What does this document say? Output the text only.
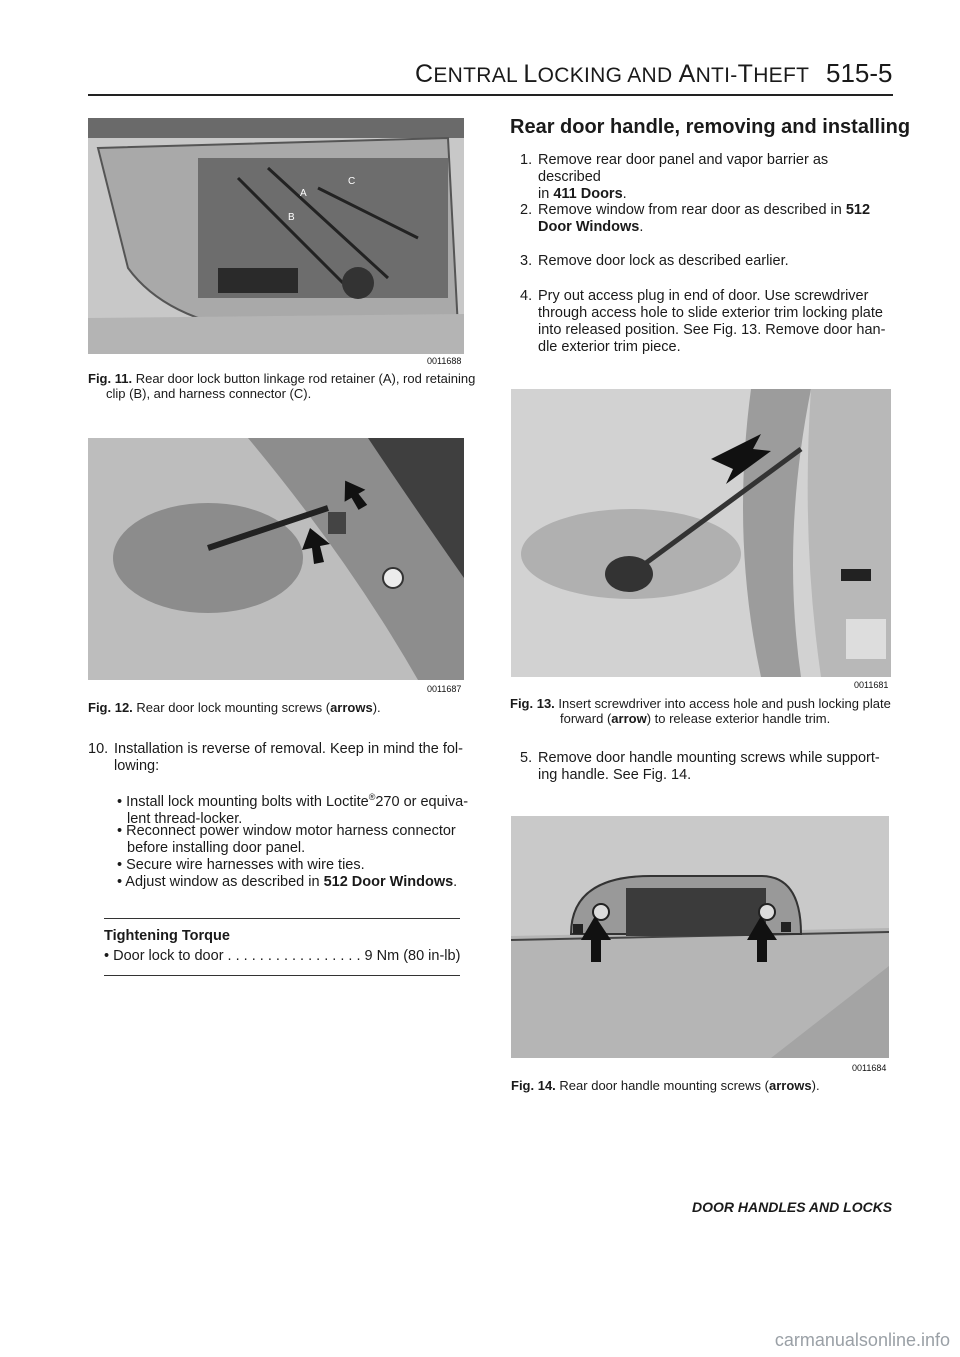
CENTRAL LOCKING AND ANTI-THEFT 515-5
A
B
C
0011688
Fig. 11. Rear door lock button linkage rod retainer (A), rod retaining
clip (B), and harness connector (C).
0011687
Fig. 12. Rear door lock mounting screws (arrows).
10. Installation is reverse of removal. Keep in mind the fol-
lowing:
• Install lock mounting bolts with Loctite®270 or equiva-
lent thread-locker.
• Reconnect power window motor harness connector
before installing door panel.
• Secure wire harnesses with wire ties.
• Adjust window as described in 512 Door Windows.
Tightening Torque
• Door lock to door . . . . . . . . . . . . . . . . . 9 Nm (80 in-lb)
Rear door handle, removing and installing
1. Remove rear door panel and vapor barrier as described
in 411 Doors.
2. Remove window from rear door as described in 512
Door Windows.
3. Remove door lock as described earlier.
4. Pry out access plug in end of door. Use screwdriver
through access hole to slide exterior trim locking plate
into released position. See Fig. 13. Remove door han-
dle exterior trim piece.
0011681
Fig. 13. Insert screwdriver into access hole and push locking plate
forward (arrow) to release exterior handle trim.
5. Remove door handle mounting screws while support-
ing handle. See Fig. 14.
0011684
Fig. 14. Rear door handle mounting screws (arrows).
DOOR HANDLES AND LOCKS
carmanualsonline.info
